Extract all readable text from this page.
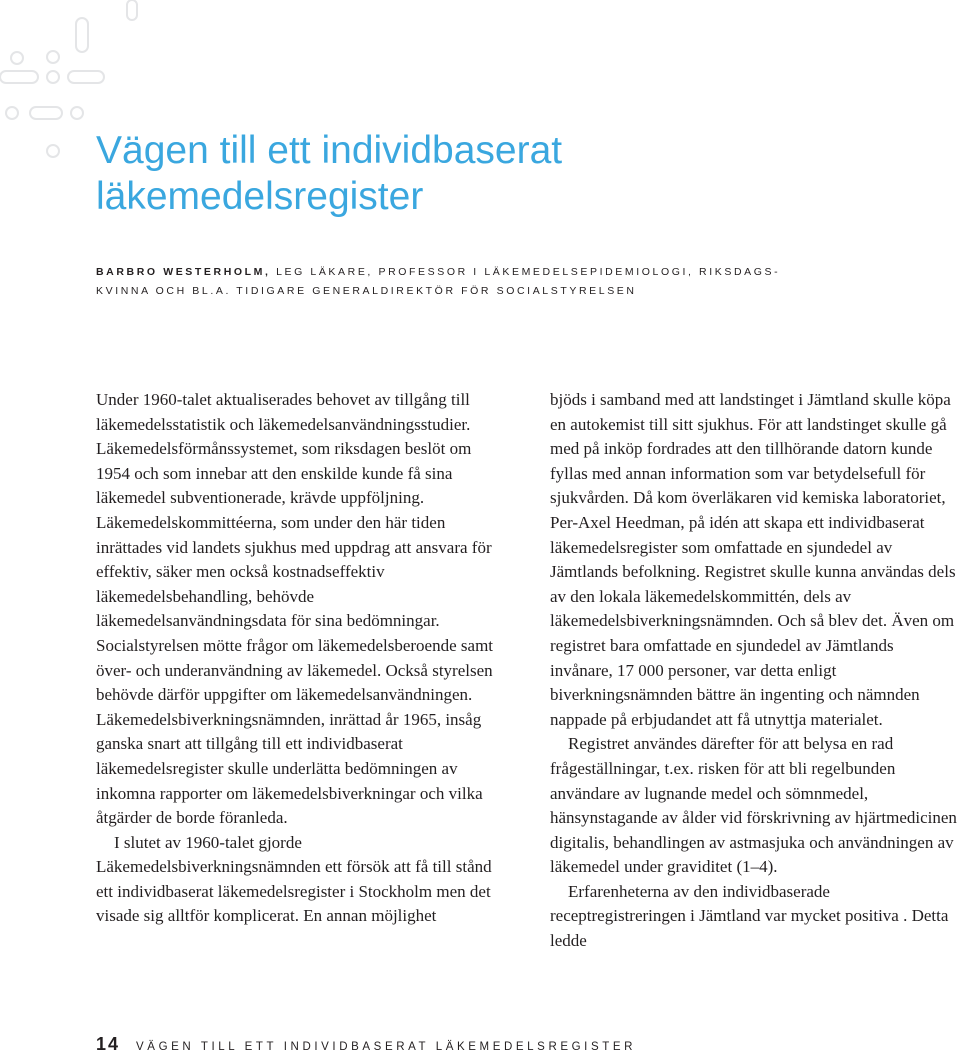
Vägen till ett individbaserat
läkemedelsregister
BARBRO WESTERHOLM, LEG LÄKARE, PROFESSOR I LÄKEMEDELSEPIDEMIOLOGI, RIKSDAGS-
KVINNA OCH BL.A. TIDIGARE GENERALDIREKTÖR FÖR SOCIALSTYRELSEN

Under 1960-talet aktualiserades behovet av tillgång till läkemedelsstatistik och läkemedelsanvändningsstudier. Läkemedelsförmånssystemet, som riksdagen beslöt om 1954 och som innebar att den enskilde kunde få sina läkemedel subventionerade, krävde uppföljning. Läkemedelskommittéerna, som under den här tiden inrättades vid landets sjukhus med uppdrag att ansvara för effektiv, säker men också kostnadseffektiv läkemedelsbehandling, behövde läkemedelsanvändningsdata för sina bedömningar. Socialstyrelsen mötte frågor om läkemedelsberoende samt över- och underanvändning av läkemedel. Också styrelsen behövde därför uppgifter om läkemedelsanvändningen. Läkemedelsbiverkningsnämnden, inrättad år 1965, insåg ganska snart att tillgång till ett individbaserat läkemedelsregister skulle underlätta bedömningen av inkomna rapporter om läkemedelsbiverkningar och vilka åtgärder de borde föranleda.

I slutet av 1960-talet gjorde Läkemedelsbiverkningsnämnden ett försök att få till stånd ett individbaserat läkemedelsregister i Stockholm men det visade sig alltför komplicerat. En annan möjlighet

bjöds i samband med att landstinget i Jämtland skulle köpa en autokemist till sitt sjukhus. För att landstinget skulle gå med på inköp fordrades att den tillhörande datorn kunde fyllas med annan information som var betydelsefull för sjukvården. Då kom överläkaren vid kemiska laboratoriet, Per-Axel Heedman, på idén att skapa ett individbaserat läkemedelsregister som omfattade en sjundedel av Jämtlands befolkning. Registret skulle kunna användas dels av den lokala läkemedelskommittén, dels av läkemedelsbiverkningsnämnden. Och så blev det. Även om registret bara omfattade en sjundedel av Jämtlands invånare, 17 000 personer, var detta enligt biverkningsnämnden bättre än ingenting och nämnden nappade på erbjudandet att få utnyttja materialet.

Registret användes därefter för att belysa en rad frågeställningar, t.ex. risken för att bli regelbunden användare av lugnande medel och sömnmedel, hänsynstagande av ålder vid förskrivning av hjärtmedicinen digitalis, behandlingen av astmasjuka och användningen av läkemedel under graviditet (1–4).

Erfarenheterna av den individbaserade receptregistreringen i Jämtland var mycket positiva . Detta ledde

14 VÄGEN TILL ETT INDIVIDBASERAT LÄKEMEDELSREGISTER
